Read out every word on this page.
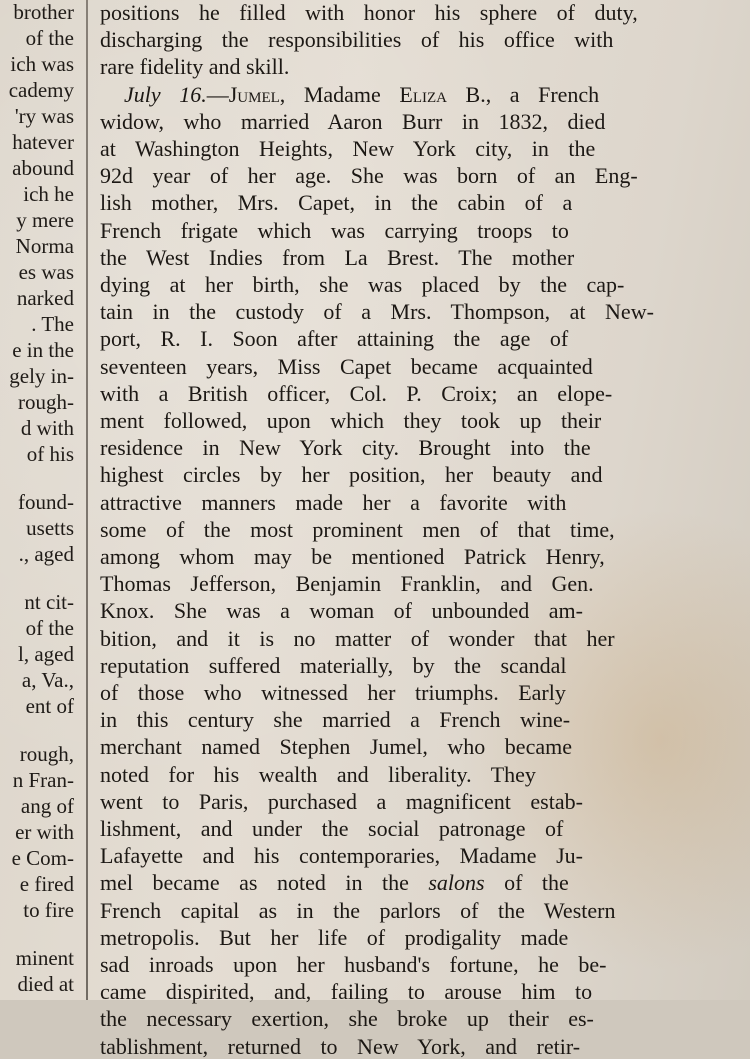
brother
of the
ich was
cademy
'ry was
hatever
abound
ich he
y mere
Norma
es was
narked
. The
e in the
gely in-
rough-
d with
of his
found-
usetts
., aged
nt cit-
of the
l, aged
a, Va.,
ent of
rough,
n Fran-
ang of
er with
e Com-
e fired
to fire
minent
died at
positions he filled with honor his sphere of duty,
discharging the responsibilities of his office with
rare fidelity and skill.
July 16.—Jumel, Madame Eliza B., a French
widow, who married Aaron Burr in 1832, died
at Washington Heights, New York city, in the
92d year of her age. She was born of an Eng-
lish mother, Mrs. Capet, in the cabin of a
French frigate which was carrying troops to
the West Indies from La Brest. The mother
dying at her birth, she was placed by the cap-
tain in the custody of a Mrs. Thompson, at New-
port, R. I. Soon after attaining the age of
seventeen years, Miss Capet became acquainted
with a British officer, Col. P. Croix; an elope-
ment followed, upon which they took up their
residence in New York city. Brought into the
highest circles by her position, her beauty and
attractive manners made her a favorite with
some of the most prominent men of that time,
among whom may be mentioned Patrick Henry,
Thomas Jefferson, Benjamin Franklin, and Gen.
Knox. She was a woman of unbounded am-
bition, and it is no matter of wonder that her
reputation suffered materially, by the scandal
of those who witnessed her triumphs. Early
in this century she married a French wine-
merchant named Stephen Jumel, who became
noted for his wealth and liberality. They
went to Paris, purchased a magnificent estab-
lishment, and under the social patronage of
Lafayette and his contemporaries, Madame Ju-
mel became as noted in the salons of the
French capital as in the parlors of the Western
metropolis. But her life of prodigality made
sad inroads upon her husband's fortune, he be-
came dispirited, and, failing to arouse him to
the necessary exertion, she broke up their es-
tablishment, returned to New York, and retir-
